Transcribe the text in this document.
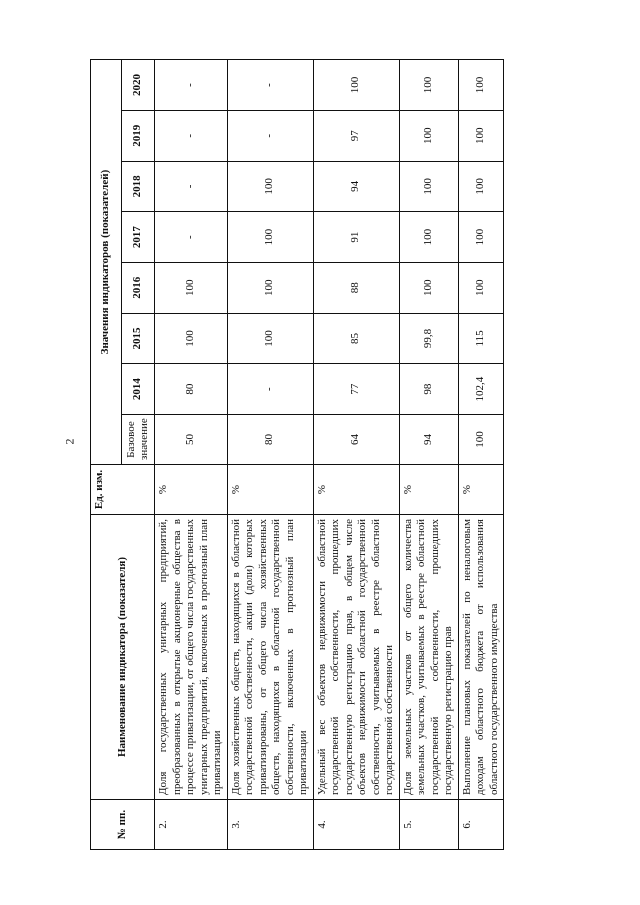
2
№ пп.	Наименование индикатора (показателя)	Ед. изм.	Значения индикаторов (показателей)							
			Базовое значение	2014	2015	2016	2017	2018	2019	2020
2.	Доля государственных унитарных предприятий, преобразованных в открытые акционерные общества в процессе приватизации, от общего числа государственных унитарных предприятий, включенных в прогнозный план приватизации	%	50	80	100	100	-	-	-	-
3.	Доля хозяйственных обществ, находящихся в областной государственной собственности, акции (доли) которых приватизированы, от общего числа хозяйственных обществ, находящихся в областной государственной собственности, включенных в прогнозный план приватизации	%	80	-	100	100	100	100	-	-
4.	Удельный вес объектов недвижимости областной государственной собственности, прошедших государственную регистрацию прав, в общем числе объектов недвижимости областной государственной собственности, учитываемых в реестре областной государственной собственности	%	64	77	85	88	91	94	97	100
5.	Доля земельных участков от общего количества земельных участков, учитываемых в реестре областной государственной собственности, прошедших государственную регистрацию прав	%	94	98	99,8	100	100	100	100	100
6.	Выполнение плановых показателей по неналоговым доходам областного бюджета от использования областного государственного имущества	%	100	102,4	115	100	100	100	100	100
